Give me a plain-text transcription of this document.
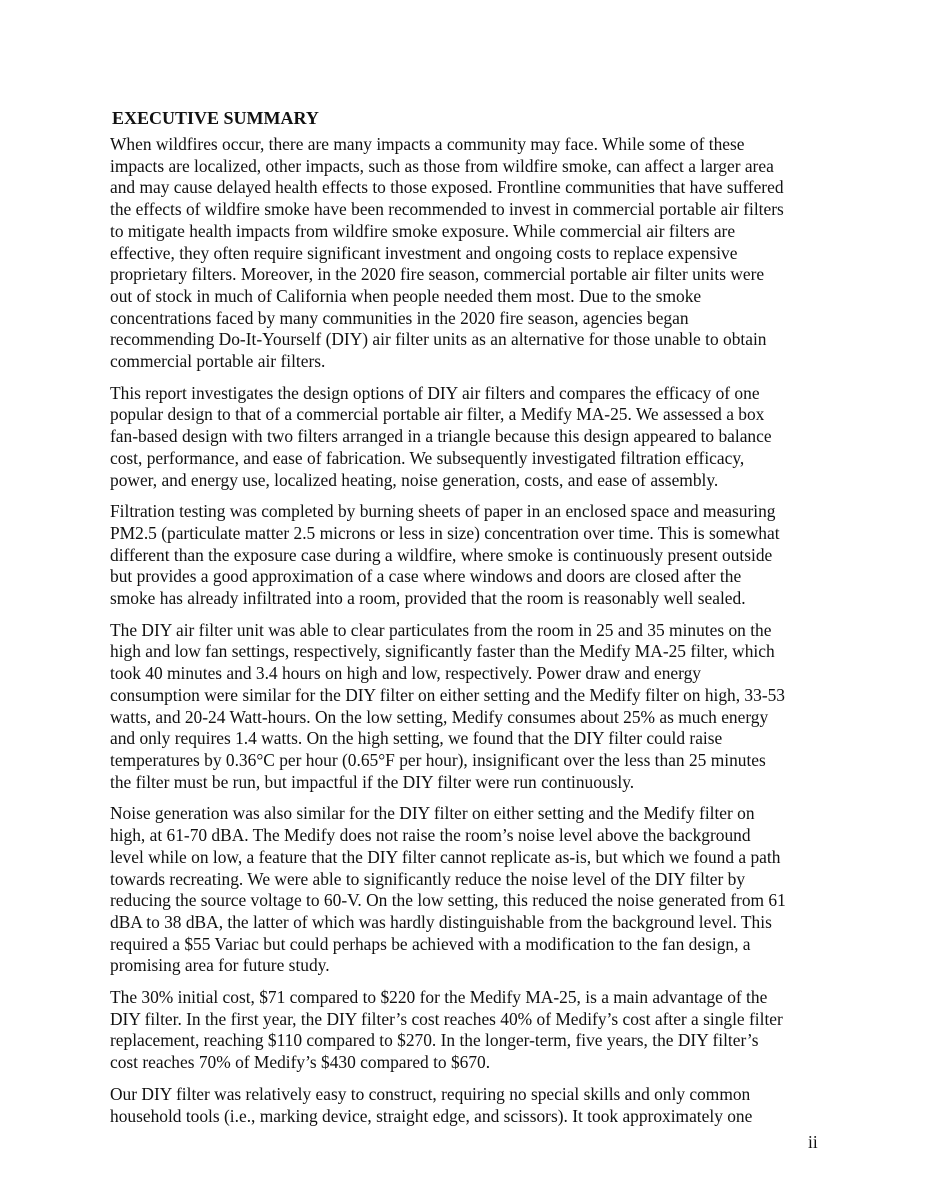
EXECUTIVE SUMMARY

When wildfires occur, there are many impacts a community may face. While some of these
impacts are localized, other impacts, such as those from wildfire smoke, can affect a larger area
and may cause delayed health effects to those exposed. Frontline communities that have suffered
the effects of wildfire smoke have been recommended to invest in commercial portable air filters
to mitigate health impacts from wildfire smoke exposure. While commercial air filters are
effective, they often require significant investment and ongoing costs to replace expensive
proprietary filters. Moreover, in the 2020 fire season, commercial portable air filter units were
out of stock in much of California when people needed them most. Due to the smoke
concentrations faced by many communities in the 2020 fire season, agencies began
recommending Do-It-Yourself (DIY) air filter units as an alternative for those unable to obtain
commercial portable air filters.

This report investigates the design options of DIY air filters and compares the efficacy of one
popular design to that of a commercial portable air filter, a Medify MA-25. We assessed a box
fan-based design with two filters arranged in a triangle because this design appeared to balance
cost, performance, and ease of fabrication. We subsequently investigated filtration efficacy,
power, and energy use, localized heating, noise generation, costs, and ease of assembly.

Filtration testing was completed by burning sheets of paper in an enclosed space and measuring
PM2.5 (particulate matter 2.5 microns or less in size) concentration over time. This is somewhat
different than the exposure case during a wildfire, where smoke is continuously present outside
but provides a good approximation of a case where windows and doors are closed after the
smoke has already infiltrated into a room, provided that the room is reasonably well sealed.

The DIY air filter unit was able to clear particulates from the room in 25 and 35 minutes on the
high and low fan settings, respectively, significantly faster than the Medify MA-25 filter, which
took 40 minutes and 3.4 hours on high and low, respectively. Power draw and energy
consumption were similar for the DIY filter on either setting and the Medify filter on high, 33-53
watts, and 20-24 Watt-hours. On the low setting, Medify consumes about 25% as much energy
and only requires 1.4 watts. On the high setting, we found that the DIY filter could raise
temperatures by 0.36°C per hour (0.65°F per hour), insignificant over the less than 25 minutes
the filter must be run, but impactful if the DIY filter were run continuously.

Noise generation was also similar for the DIY filter on either setting and the Medify filter on
high, at 61-70 dBA. The Medify does not raise the room’s noise level above the background
level while on low, a feature that the DIY filter cannot replicate as-is, but which we found a path
towards recreating. We were able to significantly reduce the noise level of the DIY filter by
reducing the source voltage to 60-V. On the low setting, this reduced the noise generated from 61
dBA to 38 dBA, the latter of which was hardly distinguishable from the background level. This
required a $55 Variac but could perhaps be achieved with a modification to the fan design, a
promising area for future study.

The 30% initial cost, $71 compared to $220 for the Medify MA-25, is a main advantage of the
DIY filter. In the first year, the DIY filter’s cost reaches 40% of Medify’s cost after a single filter
replacement, reaching $110 compared to $270. In the longer-term, five years, the DIY filter’s
cost reaches 70% of Medify’s $430 compared to $670.

Our DIY filter was relatively easy to construct, requiring no special skills and only common
household tools (i.e., marking device, straight edge, and scissors). It took approximately one

ii
